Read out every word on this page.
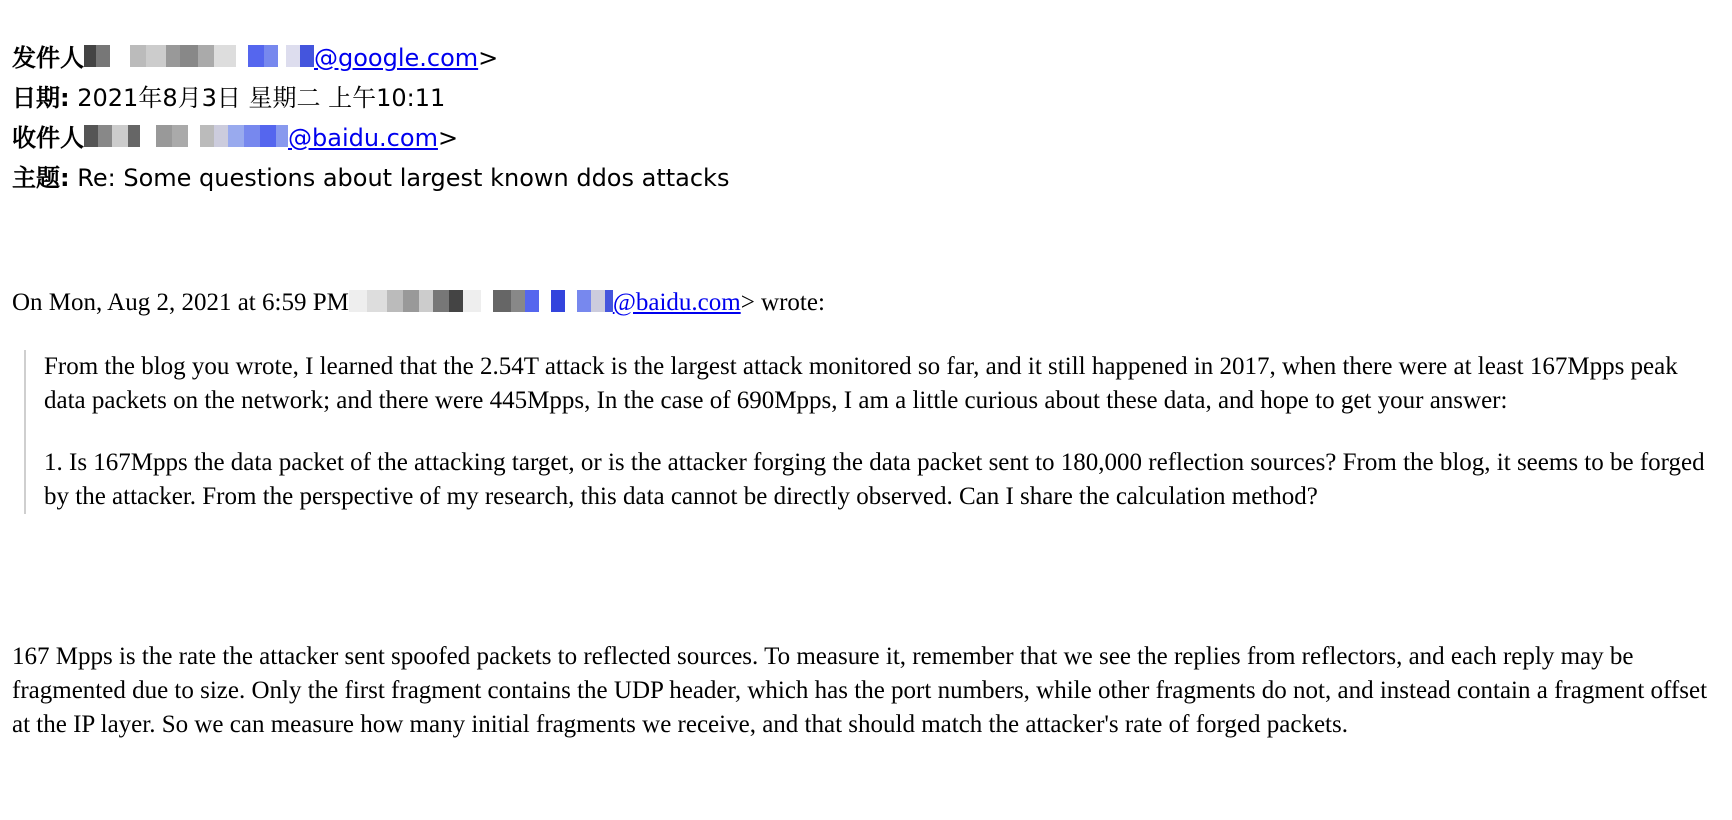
发件人	@google.com>
日期: 2021年8月3日 星期二 上午10:11
收件人	@baidu.com>
主题: Re: Some questions about largest known ddos attacks
On Mon, Aug 2, 2021 at 6:59 PM	@baidu.com> wrote:

From the blog you wrote, I learned that the 2.54T attack is the largest attack monitored so far, and it still happened in 2017, when there were at least 167Mpps peak data packets on the network; and there were 445Mpps, In the case of 690Mpps, I am a little curious about these data, and hope to get your answer:

1. Is 167Mpps the data packet of the attacking target, or is the attacker forging the data packet sent to 180,000 reflection sources? From the blog, it seems to be forged by the attacker. From the perspective of my research, this data cannot be directly observed. Can I share the calculation method?

167 Mpps is the rate the attacker sent spoofed packets to reflected sources. To measure it, remember that we see the replies from reflectors, and each reply may be fragmented due to size. Only the first fragment contains the UDP header, which has the port numbers, while other fragments do not, and instead contain a fragment offset at the IP layer. So we can measure how many initial fragments we receive, and that should match the attacker's rate of forged packets.
